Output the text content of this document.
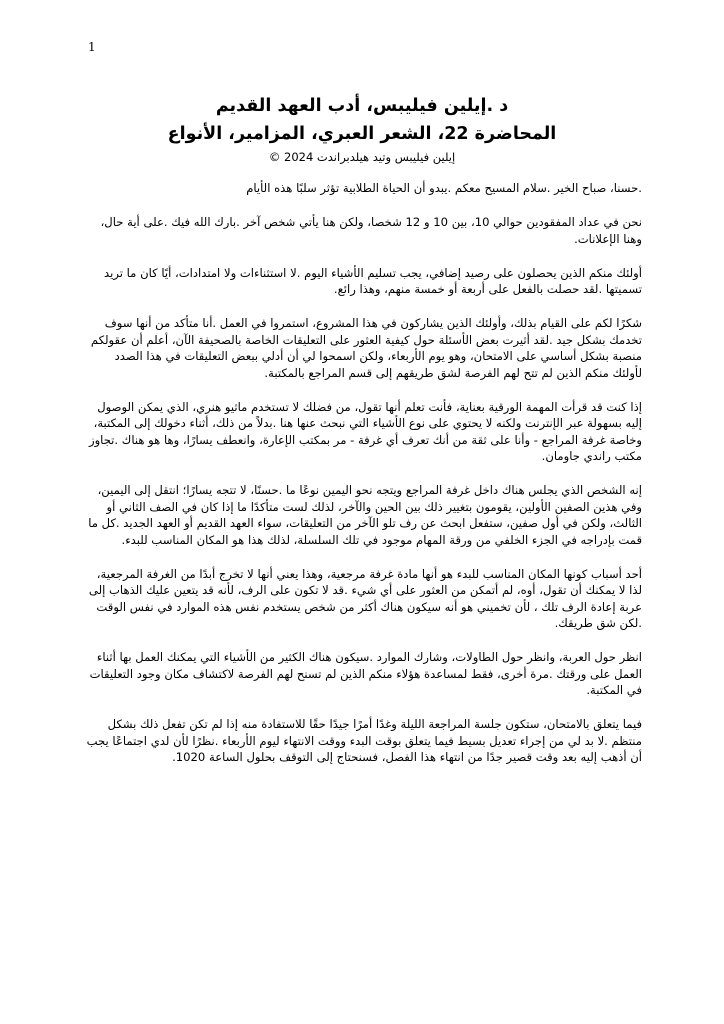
1

د .إيلين فيليبس، أدب العهد القديم

المحاضرة 22، الشعر العبري، المزامير، الأنواع

إيلين فيليبس وتيد هيلدبراندت 2024 ©

.حسنا، صباح الخير .سلام المسيح معكم .يبدو أن الحياة الطلابية تؤثر سلبًا هذه الأيام

نحن في عداد المفقودين حوالي 10، بين 10 و 12 شخصا، ولكن هنا يأتي شخص آخر .بارك الله فيك .على أية حال، وهنا الإعلانات.

أولئك منكم الذين يحصلون على رصيد إضافي، يجب تسليم الأشياء اليوم .لا استثناءات ولا امتدادات، أيًا كان ما تريد تسميتها .لقد حصلت بالفعل على أربعة أو خمسة منهم، وهذا رائع.

شكرًا لكم على القيام بذلك، وأولئك الذين يشاركون في هذا المشروع، استمروا في العمل .أنا متأكد من أنها سوف تخدمك بشكل جيد .لقد أثيرت بعض الأسئلة حول كيفية العثور على التعليقات الخاصة بالصحيفة الآن، أعلم أن عقولكم منصبة بشكل أساسي على الامتحان، وهو يوم الأربعاء، ولكن اسمحوا لي أن أدلي ببعض التعليقات في هذا الصدد لأولئك منكم الذين لم تتح لهم الفرصة لشق طريقهم إلى قسم المراجع بالمكتبة.

إذا كنت قد قرأت المهمة الورقية بعناية، فأنت تعلم أنها تقول، من فضلك لا تستخدم ماثيو هنري، الذي يمكن الوصول إليه بسهولة عبر الإنترنت ولكنه لا يحتوي على نوع الأشياء التي نبحث عنها هنا .بدلاً من ذلك، أثناء دخولك إلى المكتبة، وخاصة غرفة المراجع - وأنا على ثقة من أنك تعرف أي غرفة - مر بمكتب الإعارة، وانعطف يسارًا، وها هو هناك .تجاوز مكتب راندي جاومان.

إنه الشخص الذي يجلس هناك داخل غرفة المراجع ويتجه نحو اليمين نوعًا ما .حسنًا، لا تتجه يسارًا؛ انتقل إلى اليمين، وفي هذين الصفين الأولين، يقومون بتغيير ذلك بين الحين والآخر، لذلك لست متأكدًا ما إذا كان في الصف الثاني أو الثالث، ولكن في أول صفين، ستفعل ابحث عن رف تلو الآخر من التعليقات، سواء العهد القديم أو العهد الجديد .كل ما قمت بإدراجه في الجزء الخلفي من ورقة المهام موجود في تلك السلسلة، لذلك هذا هو المكان المناسب للبدء.

أحد أسباب كونها المكان المناسب للبدء هو أنها مادة غرفة مرجعية، وهذا يعني أنها لا تخرج أبدًا من الغرفة المرجعية، لذا لا يمكنك أن تقول، أوه، لم أتمكن من العثور على أي شيء .قد لا تكون على الرف، لأنه قد يتعين عليك الذهاب إلى عربة إعادة الرف تلك ، لأن تخميني هو أنه سيكون هناك أكثر من شخص يستخدم نفس هذه الموارد في نفس الوقت .لكن شق طريقك.

انظر حول العربة، وانظر حول الطاولات، وشارك الموارد .سيكون هناك الكثير من الأشياء التي يمكنك العمل بها أثناء العمل على ورقتك .مرة أخرى، فقط لمساعدة هؤلاء منكم الذين لم تسنح لهم الفرصة لاكتشاف مكان وجود التعليقات في المكتبة.

فيما يتعلق بالامتحان، ستكون جلسة المراجعة الليلة وغدًا أمرًا جيدًا حقًا للاستفادة منه إذا لم تكن تفعل ذلك بشكل منتظم .لا بد لي من إجراء تعديل بسيط فيما يتعلق بوقت البدء ووقت الانتهاء ليوم الأربعاء .نظرًا لأن لدي اجتماعًا يجب أن أذهب إليه بعد وقت قصير جدًا من انتهاء هذا الفصل، فسنحتاج إلى التوقف بحلول الساعة 1020.
